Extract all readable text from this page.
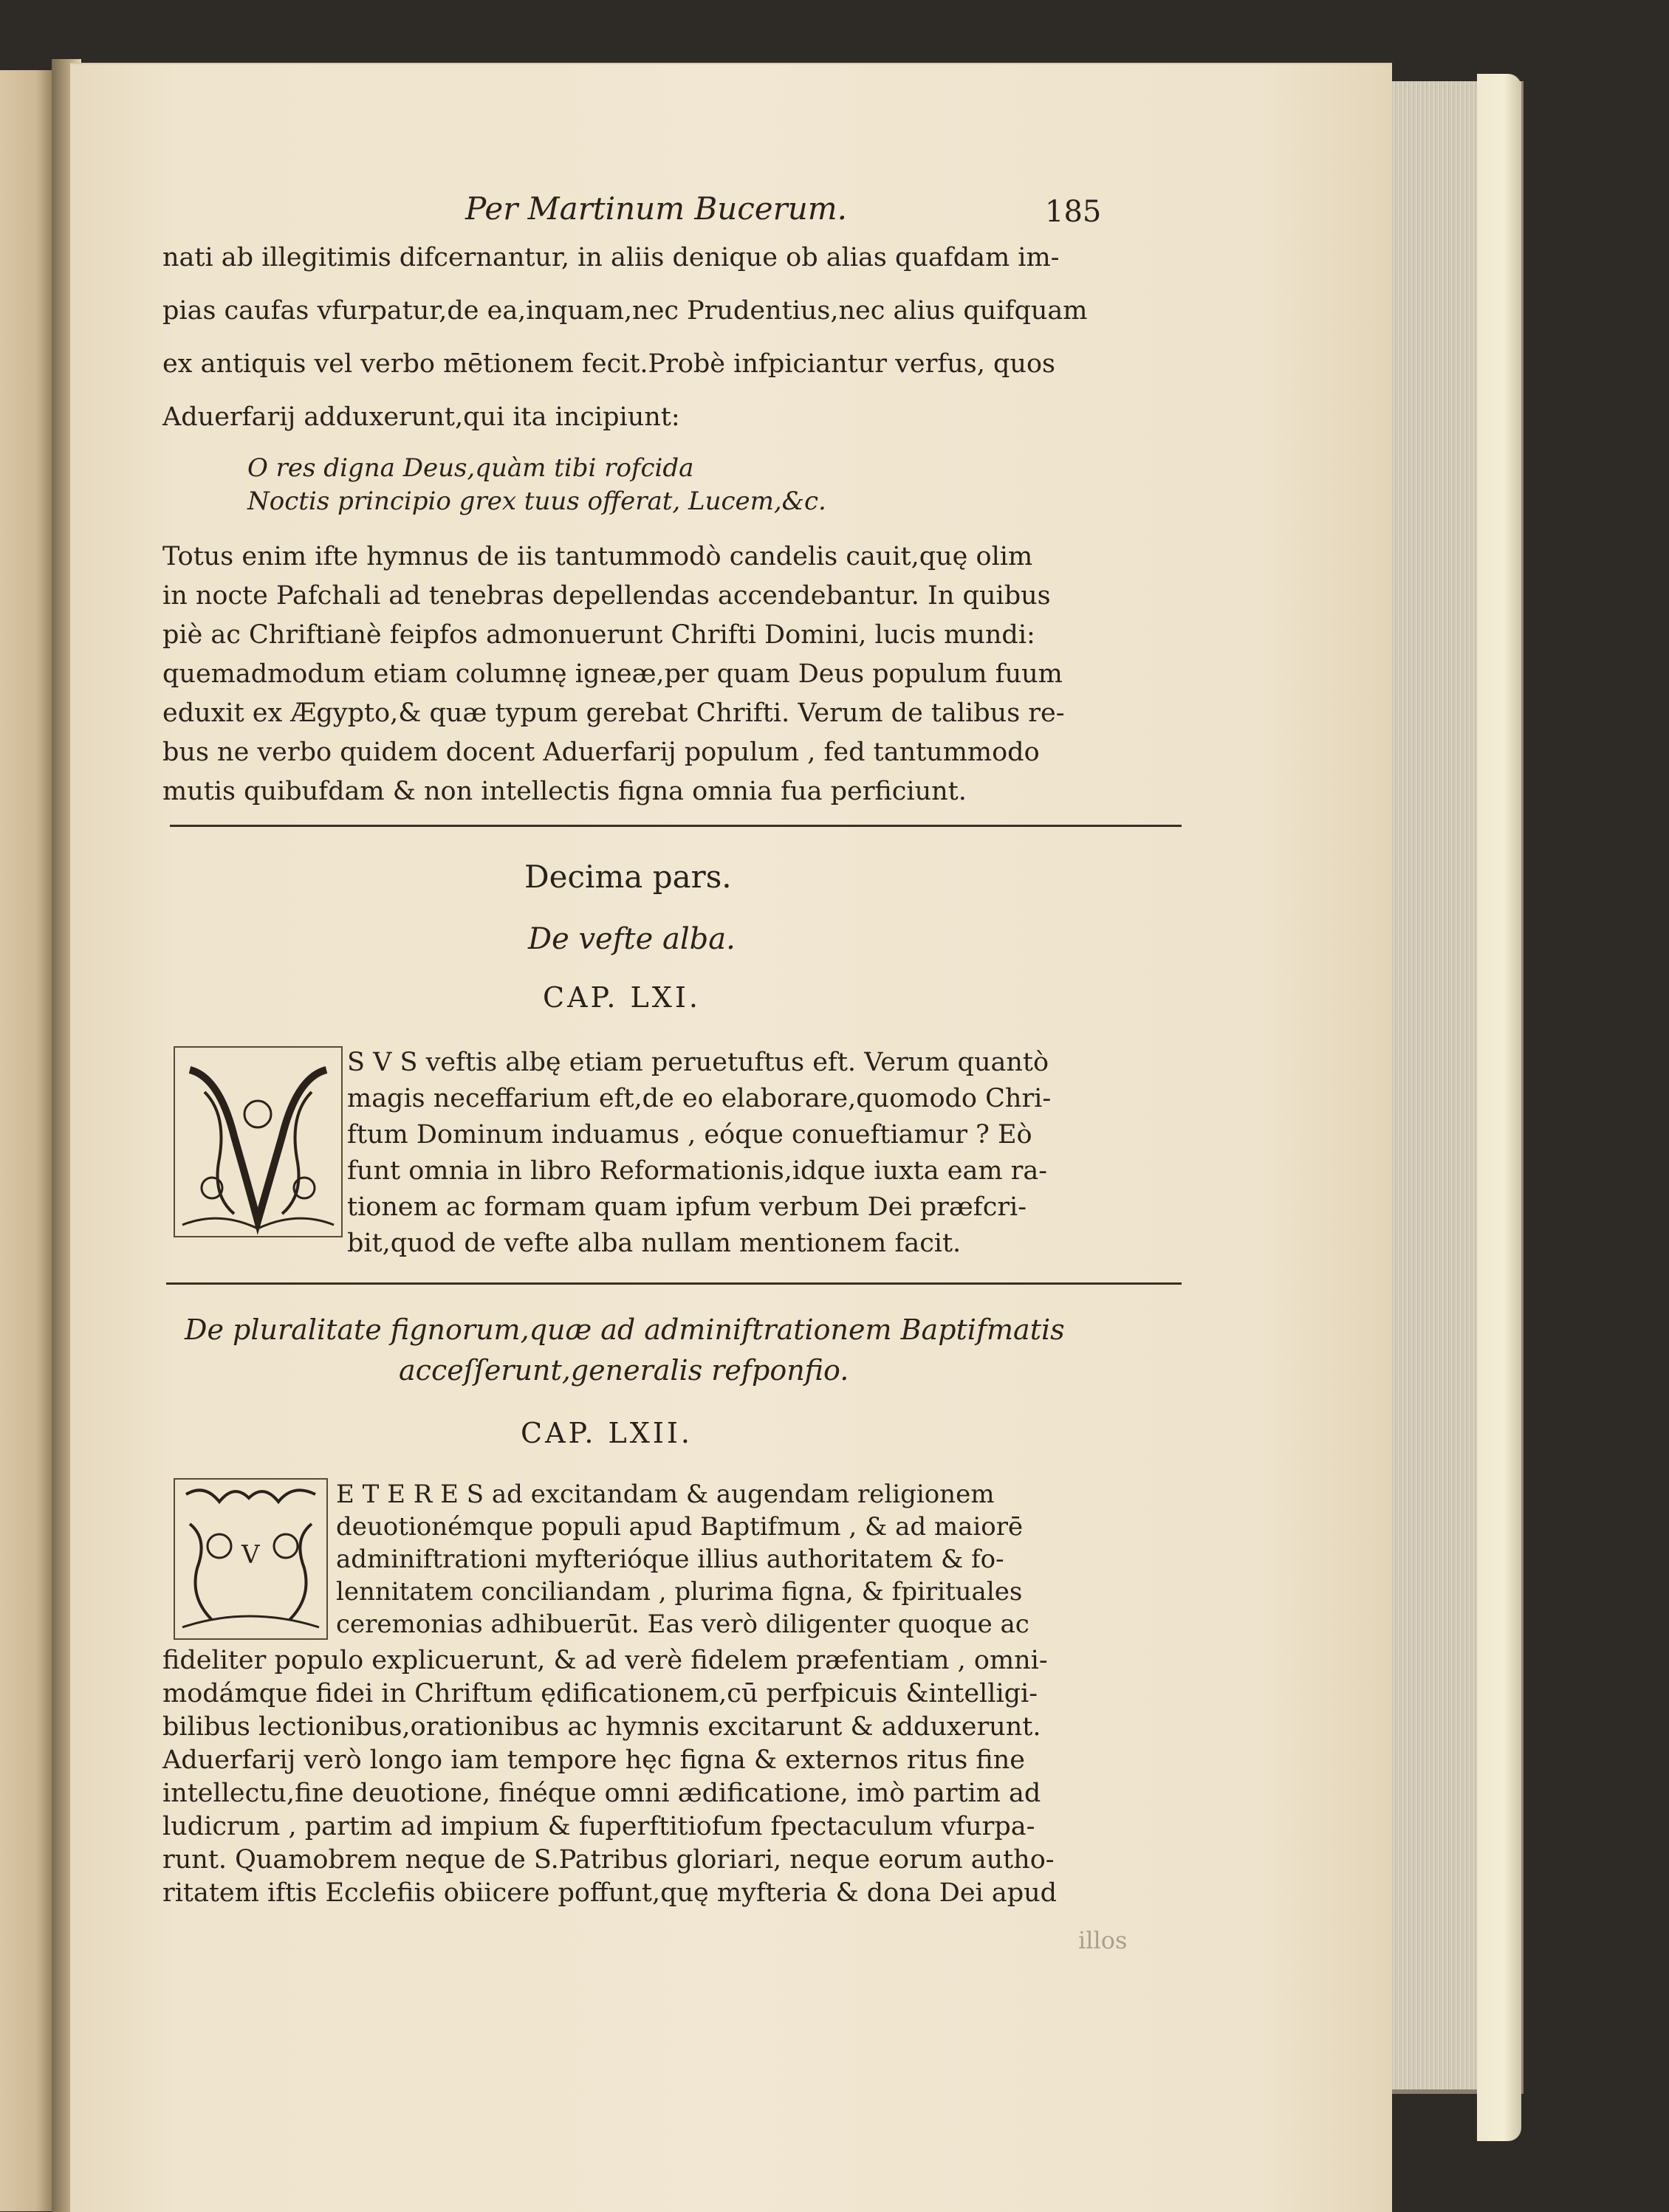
Per Martinum Bucerum.	185
nati ab illegitimis difcernantur, in aliis denique ob alias quafdam im-
pias caufas vfurpatur,de ea,inquam,nec Prudentius,nec alius quifquam
ex antiquis vel verbo mētionem fecit.Probè infpiciantur verfus, quos
Aduerfarij adduxerunt,qui ita incipiunt:
O res digna Deus,quàm tibi rofcida
Noctis principio grex tuus offerat, Lucem,&c.
Totus enim ifte hymnus de iis tantummodò candelis cauit,quę olim
in nocte Pafchali ad tenebras depellendas accendebantur. In quibus
piè ac Chriftianè feipfos admonuerunt Chrifti Domini, lucis mundi:
quemadmodum etiam columnę igneæ,per quam Deus populum fuum
eduxit ex Ægypto,& quæ typum gerebat Chrifti. Verum de talibus re-
bus ne verbo quidem docent Aduerfarij populum , fed tantummodo
mutis quibufdam & non intellectis figna omnia fua perficiunt.
Decima pars.
De vefte alba.
CAP. LXI.
S V S veftis albę etiam peruetuftus eft. Verum quantò
magis neceffarium eft,de eo elaborare,quomodo Chri-
ftum Dominum induamus , eóque conueftiamur ? Eò
funt omnia in libro Reformationis,idque iuxta eam ra-
tionem ac formam quam ipfum verbum Dei præfcri-
bit,quod de vefte alba nullam mentionem facit.
De pluralitate fignorum,quæ ad adminiftrationem Baptifmatis
acceſſerunt,generalis refponfio.
CAP. LXII.
V
E T E R E S ad excitandam & augendam religionem
deuotionémque populi apud Baptifmum , & ad maiorē
adminiftrationi myfterióque illius authoritatem & fo-
lennitatem conciliandam , plurima figna, & fpirituales
ceremonias adhibuerūt. Eas verò diligenter quoque ac
fideliter populo explicuerunt, & ad verè fidelem præfentiam , omni-
modámque fidei in Chriftum ędificationem,cū perfpicuis &intelligi-
bilibus lectionibus,orationibus ac hymnis excitarunt & adduxerunt.
Aduerfarij verò longo iam tempore hęc figna & externos ritus fine
intellectu,fine deuotione, finéque omni ædificatione, imò partim ad
ludicrum , partim ad impium & fuperftitiofum fpectaculum vfurpa-
runt. Quamobrem neque de S.Patribus gloriari, neque eorum autho-
ritatem iftis Ecclefiis obiicere poffunt,quę myfteria & dona Dei apud
illos
